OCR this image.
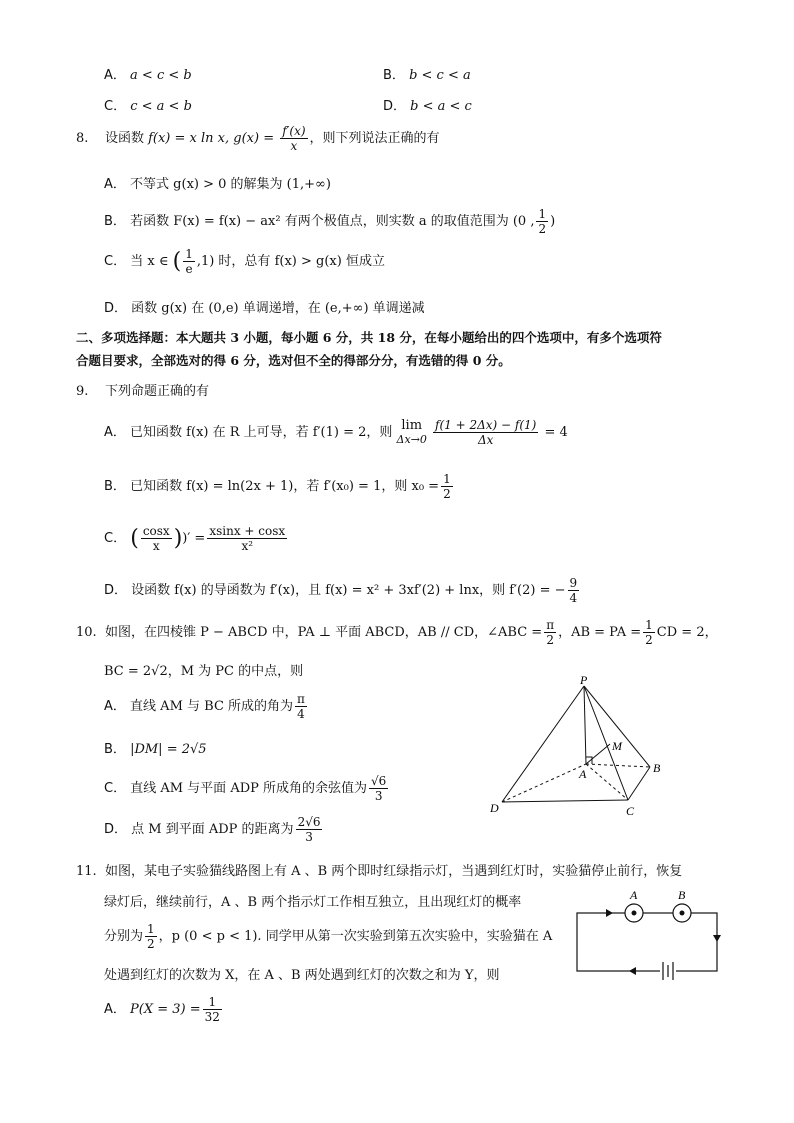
A． a < c < b	B． b < c < a
C． c < a < b	D． b < a < c
8. 设函数 f(x) = x ln x, $g(x) = \frac{f'(x)}{x}$ ，则下列说法正确的有
A． 不等式 g(x) > 0 的解集为 (1,+∞)
B． 若函数 F(x) = f(x) − ax² 有两个极值点，则实数 a 的取值范围为 (0 , $\frac{1}{2}$ )
C． 当 x ∈ ( $\frac{1}{e} ,1$) 时，总有 f(x) > g(x) 恒成立
D． 函数 g(x) 在 (0,e) 单调递增，在 (e,+∞) 单调递减
二、多项选择题：本大题共 3 小题，每小题 6 分，共 18 分，在每小题给出的四个选项中，有多个选项符
合题目要求，全部选对的得 6 分，选对但不全的得部分分，有选错的得 0 分。
9. 下列命题正确的有
A． 已知函数 f(x) 在 R 上可导，若 f′(1) = 2，则 lim
$\Delta x\to 0 \frac{f(1 + 2\Delta x) - f(1)}{\Delta x} = 4$
B． 已知函数 f(x) = ln(2x + 1)，若 f′(x₀) = 1，则 $x_0 = \frac{1}{2}$
C． ( $\frac{\cos x}{x}$ ))′ = $\frac{xsinx + \cos x}{\text{x²}}$
D． 设函数 f(x) 的导函数为 f′(x)，且 f(x) = x² + 3xf′(2) + lnx，则 f′(2) = − $\frac{9}{4}$
10. 如图，在四棱锥 P − ABCD 中，PA ⊥ 平面 ABCD，AB // CD，∠ABC = $\frac{\pi}{2}$ ，AB = PA = $\frac{1}{2}$ CD = 2，
BC = 2√2，M 为 PC 的中点，则
A． 直线 AM 与 BC 所成的角为 $\frac{\pi}{4}$
B． |DM| = 2√5
C． 直线 AM 与平面 ADP 所成角的余弦值为 $\frac{√6}{3}$
D． 点 M 到平面 ADP 的距离为 $\frac{2√6}{3}$
P
M
A	B
C
D
11. 如图，某电子实验猫线路图上有 A 、B 两个即时红绿指示灯，当遇到红灯时，实验猫停止前行，恢复
绿灯后，继续前行，A 、B 两个指示灯工作相互独立，且出现红灯的概率
分别为 $\frac{1}{2}$ ，p (0 < p < 1). 同学甲从第一次实验到第五次实验中，实验猫在 A
处遇到红灯的次数为 X，在 A 、B 两处遇到红灯的次数之和为 Y，则
A． $P(X = 3) = \frac{1}{32}$
A	B
